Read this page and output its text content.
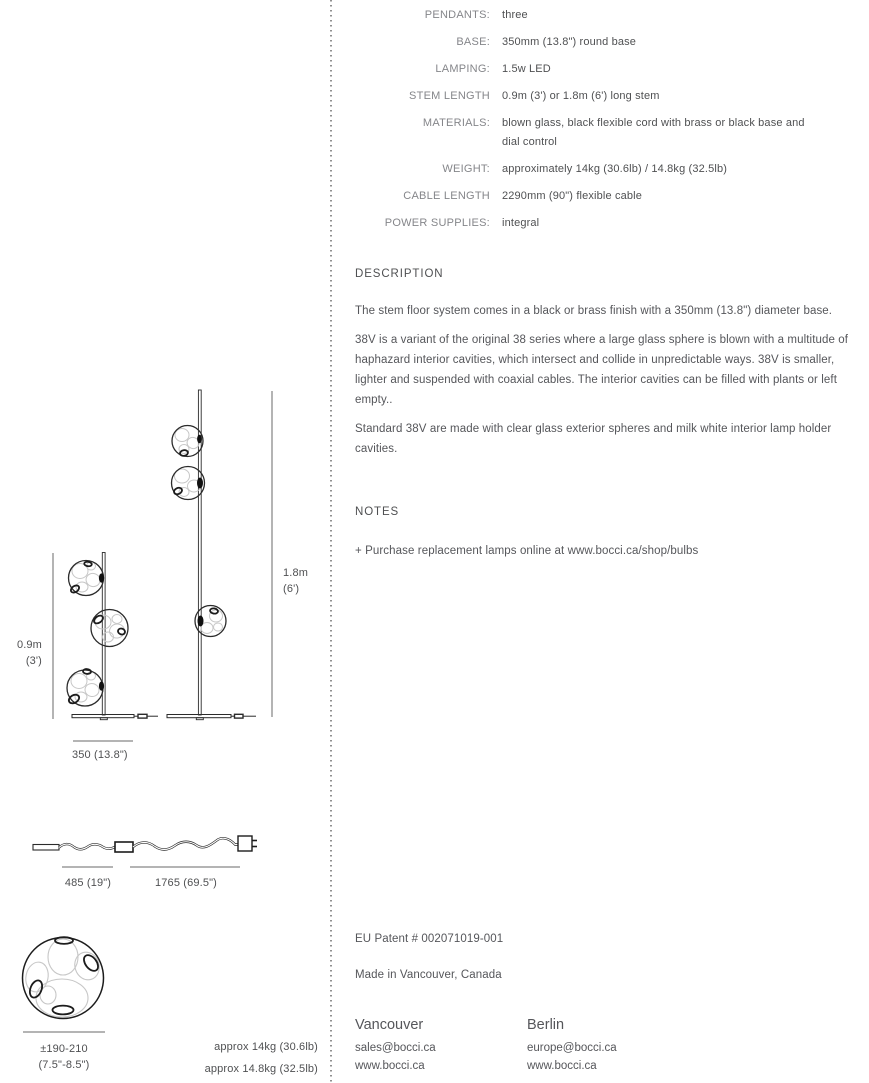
PENDANTS: three
BASE: 350mm (13.8") round base
LAMPING: 1.5w LED
STEM LENGTH 0.9m (3') or 1.8m (6') long stem
MATERIALS: blown glass, black flexible cord with brass or black base and dial control
WEIGHT: approximately 14kg (30.6lb) / 14.8kg (32.5lb)
CABLE LENGTH 2290mm (90") flexible cable
POWER SUPPLIES: integral
DESCRIPTION

The stem floor system comes in a black or brass finish with a 350mm (13.8") diameter base.

38V is a variant of the original 38 series where a large glass sphere is blown with a multitude of haphazard interior cavities, which intersect and collide in unpredictable ways. 38V is smaller, lighter and suspended with coaxial cables. The interior cavities can be filled with plants or left empty..

Standard 38V are made with clear glass exterior spheres and milk white interior lamp holder cavities.

NOTES
+ Purchase replacement lamps online at www.bocci.ca/shop/bulbs
EU Patent # 002071019-001
Made in Vancouver, Canada
Vancouver
sales@bocci.ca
www.bocci.ca
Berlin
europe@bocci.ca
www.bocci.ca
0.9m
(3')
1.8m
(6')
350 (13.8")
485 (19")	1765 (69.5")
±190-210
(7.5"-8.5")
approx 14kg (30.6lb)
approx 14.8kg (32.5lb)
